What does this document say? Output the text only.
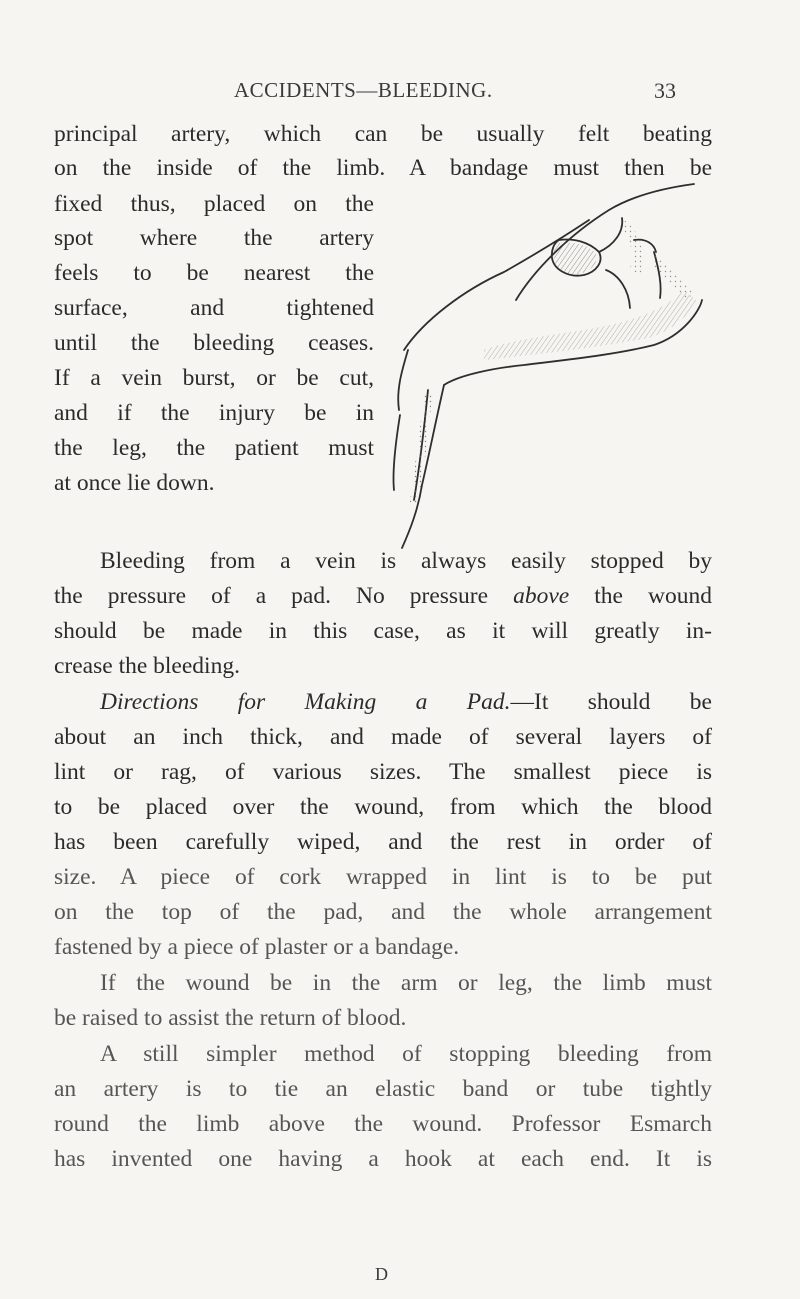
ACCIDENTS—BLEEDING.	33
principal artery, which can be usually felt beating
on the inside of the limb. A bandage must then be
fixed thus, placed on the
spot where the artery
feels to be nearest the
surface, and tightened
until the bleeding ceases.
If a vein burst, or be cut,
and if the injury be in
the leg, the patient must
at once lie down.
Bleeding from a vein is always easily stopped by
the pressure of a pad. No pressure above the wound
should be made in this case, as it will greatly in-
crease the bleeding.
Directions for Making a Pad.—It should be
about an inch thick, and made of several layers of
lint or rag, of various sizes. The smallest piece is
to be placed over the wound, from which the blood
has been carefully wiped, and the rest in order of
size. A piece of cork wrapped in lint is to be put
on the top of the pad, and the whole arrangement
fastened by a piece of plaster or a bandage.
If the wound be in the arm or leg, the limb must
be raised to assist the return of blood.
A still simpler method of stopping bleeding from
an artery is to tie an elastic band or tube tightly
round the limb above the wound. Professor Esmarch
has invented one having a hook at each end. It is
D
